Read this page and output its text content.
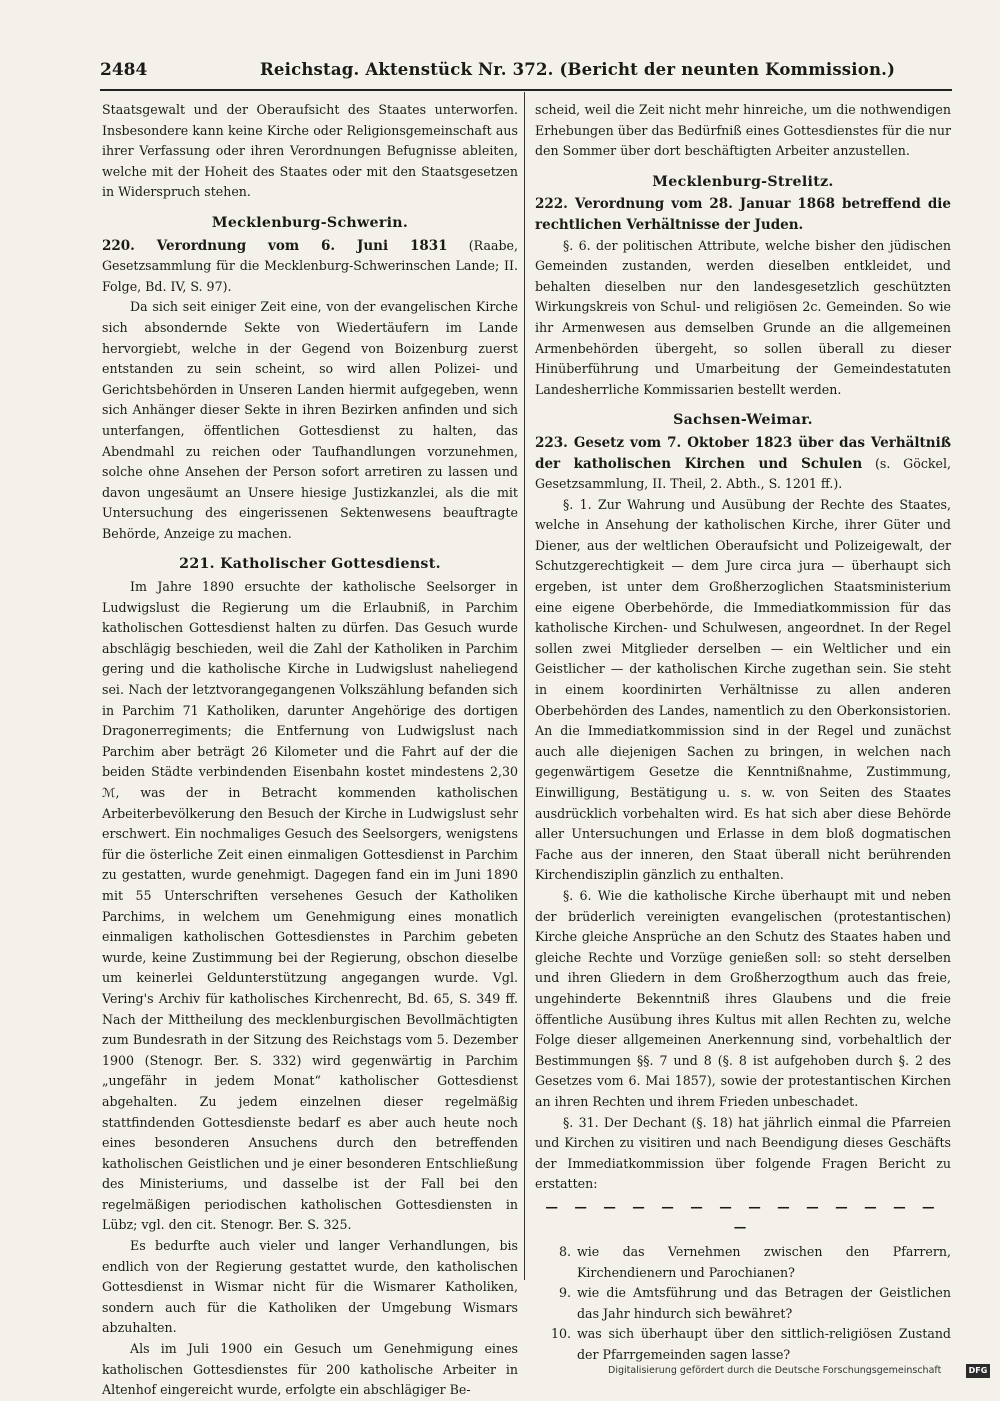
2484	Reichstag. Aktenstück Nr. 372. (Bericht der neunten Kommission.)

Staatsgewalt und der Oberaufsicht des Staates unterworfen. Insbesondere kann keine Kirche oder Religionsgemeinschaft aus ihrer Verfassung oder ihren Verordnungen Befugnisse ableiten, welche mit der Hoheit des Staates oder mit den Staatsgesetzen in Widerspruch stehen.

Mecklenburg-Schwerin.

220. Verordnung vom 6. Juni 1831 (Raabe, Gesetzsammlung für die Mecklenburg-Schwerinschen Lande; II. Folge, Bd. IV, S. 97).

Da sich seit einiger Zeit eine, von der evangelischen Kirche sich absondernde Sekte von Wiedertäufern im Lande hervorgiebt, welche in der Gegend von Boizenburg zuerst entstanden zu sein scheint, so wird allen Polizei- und Gerichtsbehörden in Unseren Landen hiermit aufgegeben, wenn sich Anhänger dieser Sekte in ihren Bezirken anfinden und sich unterfangen, öffentlichen Gottesdienst zu halten, das Abendmahl zu reichen oder Taufhandlungen vorzunehmen, solche ohne Ansehen der Person sofort arretiren zu lassen und davon ungesäumt an Unsere hiesige Justizkanzlei, als die mit Untersuchung des eingerissenen Sektenwesens beauftragte Behörde, Anzeige zu machen.

221. Katholischer Gottesdienst.

Im Jahre 1890 ersuchte der katholische Seelsorger in Ludwigslust die Regierung um die Erlaubniß, in Parchim katholischen Gottesdienst halten zu dürfen. Das Gesuch wurde abschlägig beschieden, weil die Zahl der Katholiken in Parchim gering und die katholische Kirche in Ludwigslust naheliegend sei. Nach der letztvorangegangenen Volkszählung befanden sich in Parchim 71 Katholiken, darunter Angehörige des dortigen Dragonerregiments; die Entfernung von Ludwigslust nach Parchim aber beträgt 26 Kilometer und die Fahrt auf der die beiden Städte verbindenden Eisenbahn kostet mindestens 2,30 ℳ, was der in Betracht kommenden katholischen Arbeiterbevölkerung den Besuch der Kirche in Ludwigslust sehr erschwert. Ein nochmaliges Gesuch des Seelsorgers, wenigstens für die österliche Zeit einen einmaligen Gottesdienst in Parchim zu gestatten, wurde genehmigt. Dagegen fand ein im Juni 1890 mit 55 Unterschriften versehenes Gesuch der Katholiken Parchims, in welchem um Genehmigung eines monatlich einmaligen katholischen Gottesdienstes in Parchim gebeten wurde, keine Zustimmung bei der Regierung, obschon dieselbe um keinerlei Geldunterstützung angegangen wurde. Vgl. Vering's Archiv für katholisches Kirchenrecht, Bd. 65, S. 349 ff. Nach der Mittheilung des mecklenburgischen Bevollmächtigten zum Bundesrath in der Sitzung des Reichstags vom 5. Dezember 1900 (Stenogr. Ber. S. 332) wird gegenwärtig in Parchim „ungefähr in jedem Monat“ katholischer Gottesdienst abgehalten. Zu jedem einzelnen dieser regelmäßig stattfindenden Gottesdienste bedarf es aber auch heute noch eines besonderen Ansuchens durch den betreffenden katholischen Geistlichen und je einer besonderen Entschließung des Ministeriums, und dasselbe ist der Fall bei den regelmäßigen periodischen katholischen Gottesdiensten in Lübz; vgl. den cit. Stenogr. Ber. S. 325.

Es bedurfte auch vieler und langer Verhandlungen, bis endlich von der Regierung gestattet wurde, den katholischen Gottesdienst in Wismar nicht für die Wismarer Katholiken, sondern auch für die Katholiken der Umgebung Wismars abzuhalten.

Als im Juli 1900 ein Gesuch um Genehmigung eines katholischen Gottesdienstes für 200 katholische Arbeiter in Altenhof eingereicht wurde, erfolgte ein abschlägiger Be-

scheid, weil die Zeit nicht mehr hinreiche, um die nothwendigen Erhebungen über das Bedürfniß eines Gottesdienstes für die nur den Sommer über dort beschäftigten Arbeiter anzustellen.

Mecklenburg-Strelitz.

222. Verordnung vom 28. Januar 1868 betreffend die rechtlichen Verhältnisse der Juden.

§. 6. der politischen Attribute, welche bisher den jüdischen Gemeinden zustanden, werden dieselben entkleidet, und behalten dieselben nur den landesgesetzlich geschützten Wirkungskreis von Schul- und religiösen 2c. Gemeinden. So wie ihr Armenwesen aus demselben Grunde an die allgemeinen Armenbehörden übergeht, so sollen überall zu dieser Hinüberführung und Umarbeitung der Gemeindestatuten Landesherrliche Kommissarien bestellt werden.

Sachsen-Weimar.

223. Gesetz vom 7. Oktober 1823 über das Verhältniß der katholischen Kirchen und Schulen (s. Göckel, Gesetzsammlung, II. Theil, 2. Abth., S. 1201 ff.).

§. 1. Zur Wahrung und Ausübung der Rechte des Staates, welche in Ansehung der katholischen Kirche, ihrer Güter und Diener, aus der weltlichen Oberaufsicht und Polizeigewalt, der Schutzgerechtigkeit — dem Jure circa jura — überhaupt sich ergeben, ist unter dem Großherzoglichen Staatsministerium eine eigene Oberbehörde, die Immediatkommission für das katholische Kirchen- und Schulwesen, angeordnet. In der Regel sollen zwei Mitglieder derselben — ein Weltlicher und ein Geistlicher — der katholischen Kirche zugethan sein. Sie steht in einem koordinirten Verhältnisse zu allen anderen Oberbehörden des Landes, namentlich zu den Oberkonsistorien. An die Immediatkommission sind in der Regel und zunächst auch alle diejenigen Sachen zu bringen, in welchen nach gegenwärtigem Gesetze die Kenntnißnahme, Zustimmung, Einwilligung, Bestätigung u. s. w. von Seiten des Staates ausdrücklich vorbehalten wird. Es hat sich aber diese Behörde aller Untersuchungen und Erlasse in dem bloß dogmatischen Fache aus der inneren, den Staat überall nicht berührenden Kirchendisziplin gänzlich zu enthalten.

§. 6. Wie die katholische Kirche überhaupt mit und neben der brüderlich vereinigten evangelischen (protestantischen) Kirche gleiche Ansprüche an den Schutz des Staates haben und gleiche Rechte und Vorzüge genießen soll: so steht derselben und ihren Gliedern in dem Großherzogthum auch das freie, ungehinderte Bekenntniß ihres Glaubens und die freie öffentliche Ausübung ihres Kultus mit allen Rechten zu, welche Folge dieser allgemeinen Anerkennung sind, vorbehaltlich der Bestimmungen §§. 7 und 8 (§. 8 ist aufgehoben durch §. 2 des Gesetzes vom 6. Mai 1857), sowie der protestantischen Kirchen an ihren Rechten und ihrem Frieden unbeschadet.

§. 31. Der Dechant (§. 18) hat jährlich einmal die Pfarreien und Kirchen zu visitiren und nach Beendigung dieses Geschäfts der Immediatkommission über folgende Fragen Bericht zu erstatten:

— — — — — — — — — — — — — — —
8. wie das Vernehmen zwischen den Pfarrern, Kirchendienern und Parochianen?
9. wie die Amtsführung und das Betragen der Geistlichen das Jahr hindurch sich bewähret?
10. was sich überhaupt über den sittlich-religiösen Zustand der Pfarrgemeinden sagen lasse?
Digitalisierung gefördert durch die Deutsche Forschungsgemeinschaft	DFG
